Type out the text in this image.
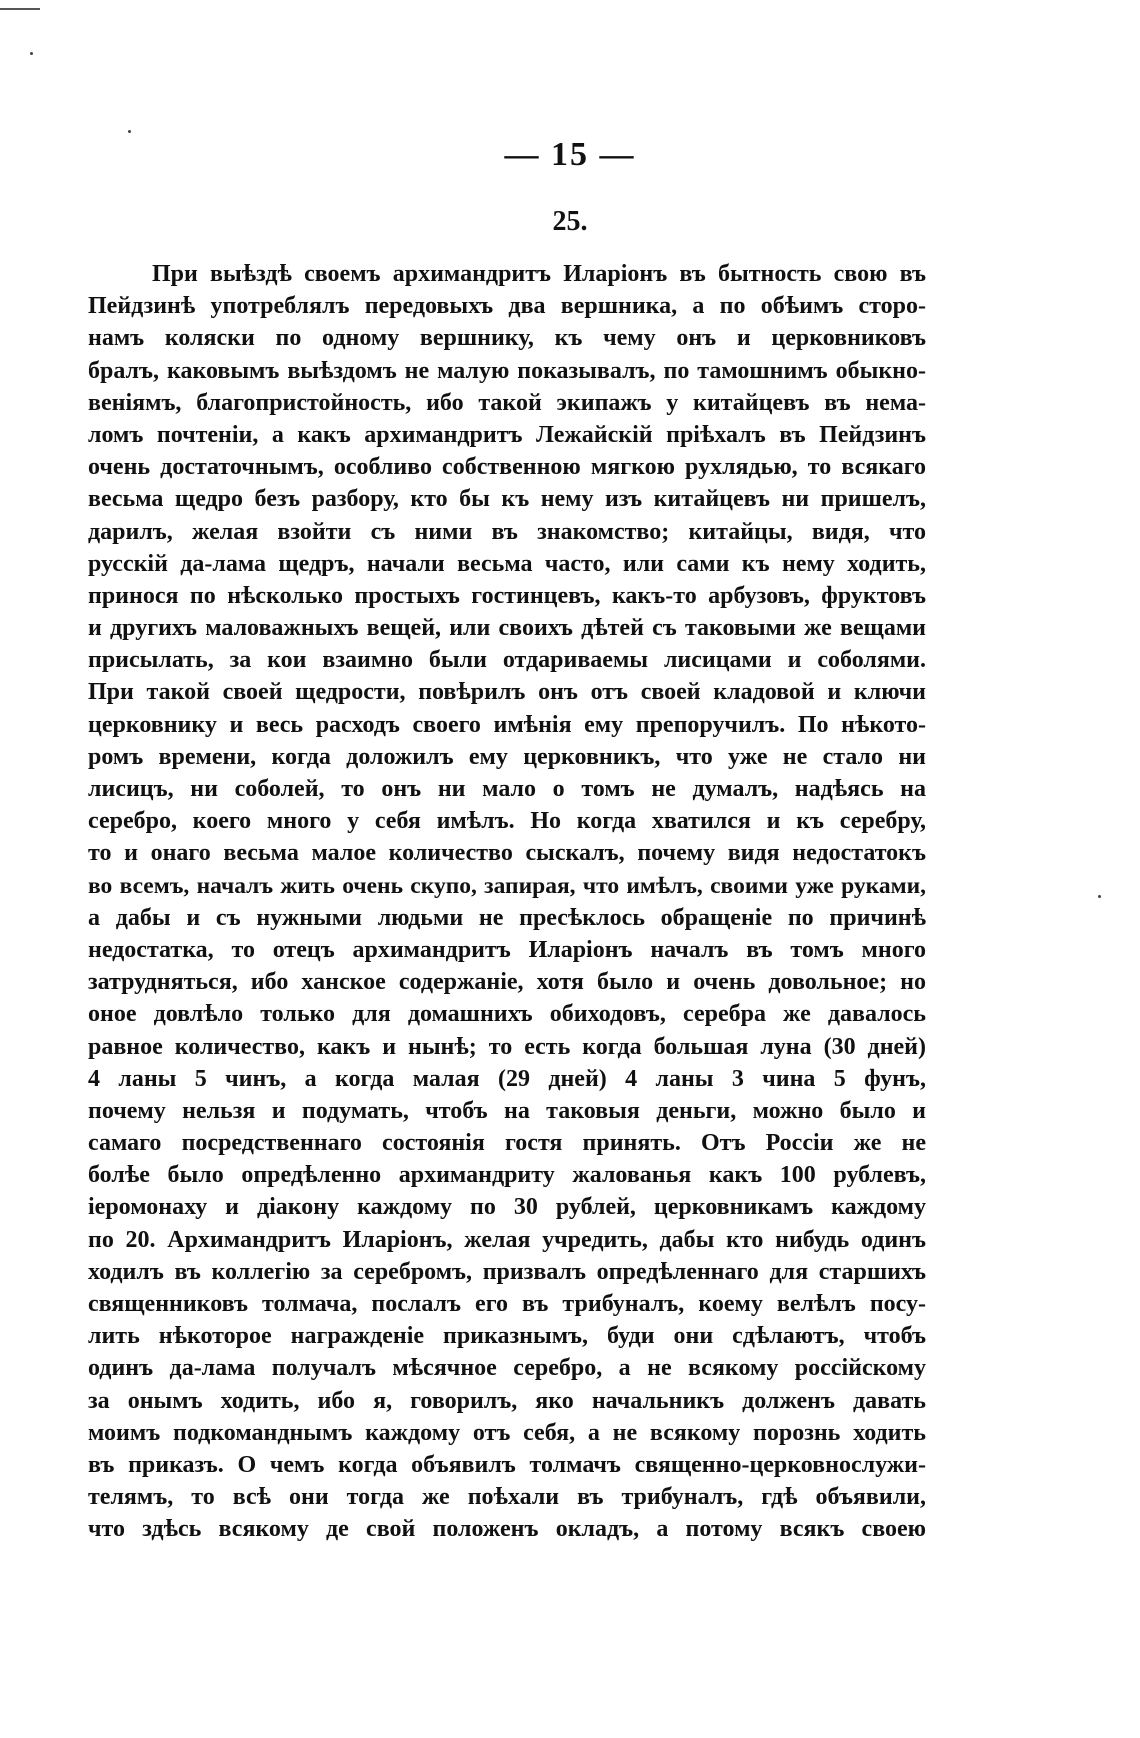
— 15 —
25.
При выѣздѣ своемъ архимандритъ Иларіонъ въ бытность свою въ
Пейдзинѣ употреблялъ передовыхъ два вершника, а по обѣимъ сторо-
намъ коляски по одному вершнику, къ чему онъ и церковниковъ
бралъ, каковымъ выѣздомъ не малую показывалъ, по тамошнимъ обыкно-
веніямъ, благопристойность, ибо такой экипажъ у китайцевъ въ нема-
ломъ почтеніи, а какъ архимандритъ Лежайскій пріѣхалъ въ Пейдзинъ
очень достаточнымъ, особливо собственною мягкою рухлядью, то всякаго
весьма щедро безъ разбору, кто бы къ нему изъ китайцевъ ни пришелъ,
дарилъ, желая взойти съ ними въ знакомство; китайцы, видя, что
русскій да-лама щедръ, начали весьма часто, или сами къ нему ходить,
принося по нѣсколько простыхъ гостинцевъ, какъ-то арбузовъ, фруктовъ
и другихъ маловажныхъ вещей, или своихъ дѣтей съ таковыми же вещами
присылать, за кои взаимно были отдариваемы лисицами и соболями.
При такой своей щедрости, повѣрилъ онъ отъ своей кладовой и ключи
церковнику и весь расходъ своего имѣнія ему препоручилъ. По нѣкото-
ромъ времени, когда доложилъ ему церковникъ, что уже не стало ни
лисицъ, ни соболей, то онъ ни мало о томъ не думалъ, надѣясь на
серебро, коего много у себя имѣлъ. Но когда хватился и къ серебру,
то и онаго весьма малое количество сыскалъ, почему видя недостатокъ
во всемъ, началъ жить очень скупо, запирая, что имѣлъ, своими уже руками,
а дабы и съ нужными людьми не пресѣклось обращеніе по причинѣ
недостатка, то отецъ архимандритъ Иларіонъ началъ въ томъ много
затрудняться, ибо ханское содержаніе, хотя было и очень довольное; но
оное довлѣло только для домашнихъ обиходовъ, серебра же давалось
равное количество, какъ и нынѣ; то есть когда большая луна (30 дней)
4 ланы 5 чинъ, а когда малая (29 дней) 4 ланы 3 чина 5 фунъ,
почему нельзя и подумать, чтобъ на таковыя деньги, можно было и
самаго посредственнаго состоянія гостя принять. Отъ Россіи же не
болѣе было опредѣленно архимандриту жалованья какъ 100 рублевъ,
іеромонаху и діакону каждому по 30 рублей, церковникамъ каждому
по 20. Архимандритъ Иларіонъ, желая учредить, дабы кто нибудь одинъ
ходилъ въ коллегію за серебромъ, призвалъ опредѣленнаго для старшихъ
священниковъ толмача, послалъ его въ трибуналъ, коему велѣлъ посу-
лить нѣкоторое награжденіе приказнымъ, буди они сдѣлаютъ, чтобъ
одинъ да-лама получалъ мѣсячное серебро, а не всякому россійскому
за онымъ ходить, ибо я, говорилъ, яко начальникъ долженъ давать
моимъ подкоманднымъ каждому отъ себя, а не всякому порознь ходить
въ приказъ. О чемъ когда объявилъ толмачъ священно-церковнослужи-
телямъ, то всѣ они тогда же поѣхали въ трибуналъ, гдѣ объявили,
что здѣсь всякому де свой положенъ окладъ, а потому всякъ своею
